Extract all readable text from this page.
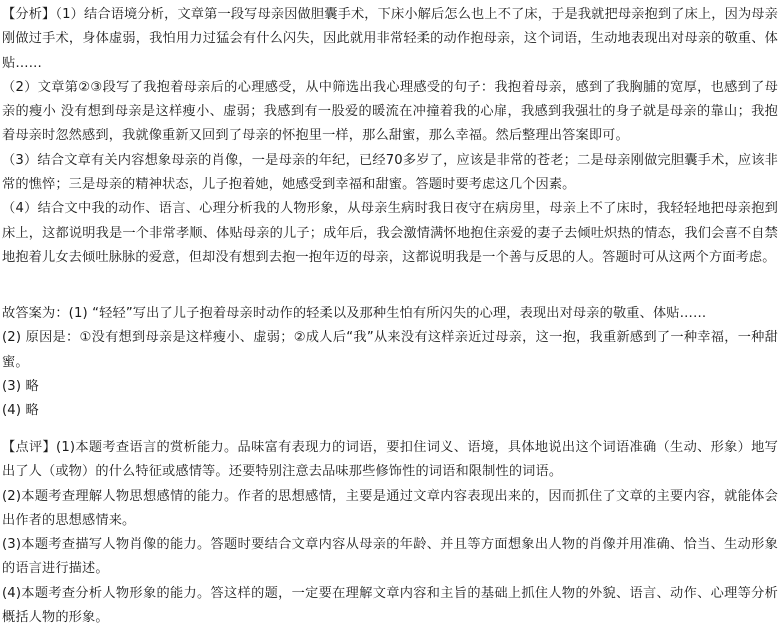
【分析】（1）结合语境分析，文章第一段写母亲因做胆囊手术，下床小解后怎么也上不了床，于是我就把母亲抱到了床上，因为母亲刚做过手术，身体虚弱，我怕用力过猛会有什么闪失，因此就用非常轻柔的动作抱母亲，这个词语，生动地表现出对母亲的敬重、体贴……

（2）文章第②③段写了我抱着母亲后的心理感受，从中筛选出我心理感受的句子：我抱着母亲，感到了我胸脯的宽厚，也感到了母亲的瘦小 没有想到母亲是这样瘦小、虚弱；我感到有一股爱的暖流在冲撞着我的心扉，我感到我强壮的身子就是母亲的靠山；我抱着母亲时忽然感到，我就像重新又回到了母亲的怀抱里一样，那么甜蜜，那么幸福。然后整理出答案即可。

（3）结合文章有关内容想象母亲的肖像，一是母亲的年纪，已经70多岁了，应该是非常的苍老；二是母亲刚做完胆囊手术，应该非常的憔悴；三是母亲的精神状态，儿子抱着她，她感受到幸福和甜蜜。答题时要考虑这几个因素。

（4）结合文中我的动作、语言、心理分析我的人物形象，从母亲生病时我日夜守在病房里，母亲上不了床时，我轻轻地把母亲抱到床上，这都说明我是一个非常孝顺、体贴母亲的儿子；成年后，我会激情满怀地抱住亲爱的妻子去倾吐炽热的情态，我们会喜不自禁地抱着儿女去倾吐脉脉的爱意，但却没有想到去抱一抱年迈的母亲，这都说明我是一个善与反思的人。答题时可从这两个方面考虑。

故答案为：(1) “轻轻”写出了儿子抱着母亲时动作的轻柔以及那种生怕有所闪失的心理，表现出对母亲的敬重、体贴……

(2) 原因是：①没有想到母亲是这样瘦小、虚弱；②成人后“我”从来没有这样亲近过母亲，这一抱，我重新感到了一种幸福，一种甜蜜。

(3) 略

(4) 略

【点评】(1)本题考查语言的赏析能力。品味富有表现力的词语，要扣住词义、语境，具体地说出这个词语准确（生动、形象）地写出了人（或物）的什么特征或感情等。还要特别注意去品味那些修饰性的词语和限制性的词语。

(2)本题考查理解人物思想感情的能力。作者的思想感情，主要是通过文章内容表现出来的，因而抓住了文章的主要内容，就能体会出作者的思想感情来。

(3)本题考查描写人物肖像的能力。答题时要结合文章内容从母亲的年龄、并且等方面想象出人物的肖像并用准确、恰当、生动形象的语言进行描述。

(4)本题考查分析人物形象的能力。答这样的题，一定要在理解文章内容和主旨的基础上抓住人物的外貌、语言、动作、心理等分析概括人物的形象。
